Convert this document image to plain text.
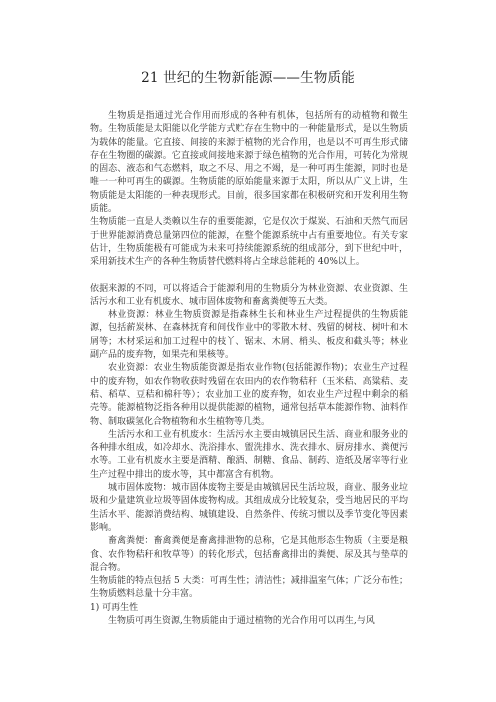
21 世纪的生物新能源——生物质能

生物质是指通过光合作用而形成的各种有机体，包括所有的动植物和微生物。生物质能是太阳能以化学能方式贮存在生物中的一种能量形式，是以生物质为载体的能量。它直接、间接的来源于植物的光合作用，也是以不可再生形式储存在生物圈的碳源。它直接或间接地来源于绿色植物的光合作用，可转化为常规的固态、液态和气态燃料，取之不尽、用之不竭，是一种可再生能源，同时也是唯一一种可再生的碳源。生物质能的原始能量来源于太阳，所以从广义上讲，生物质能是太阳能的一种表现形式。目前，很多国家都在积极研究和开发利用生物质能。

生物质能一直是人类赖以生存的重要能源，它是仅次于煤炭、石油和天然气而居于世界能源消费总量第四位的能源，在整个能源系统中占有重要地位。有关专家估计，生物质能极有可能成为未来可持续能源系统的组成部分，到下世纪中叶，采用新技术生产的各种生物质替代燃料将占全球总能耗的 40%以上。

依据来源的不同，可以将适合于能源利用的生物质分为林业资源、农业资源、生活污水和工业有机废水、城市固体废物和畜禽粪便等五大类。

林业资源：林业生物质资源是指森林生长和林业生产过程提供的生物质能源，包括薪炭林、在森林抚育和间伐作业中的零散木材、残留的树枝、树叶和木屑等；木材采运和加工过程中的枝丫、锯末、木屑、梢头、板皮和截头等；林业副产品的废弃物，如果壳和果核等。

农业资源：农业生物质能资源是指农业作物(包括能源作物)；农业生产过程中的废弃物，如农作物收获时残留在农田内的农作物秸秆（玉米秸、高粱秸、麦秸、稻草、豆秸和棉秆等）；农业加工业的废弃物，如农业生产过程中剩余的稻壳等。能源植物泛指各种用以提供能源的植物，通常包括草本能源作物、油料作物、制取碳氢化合物植物和水生植物等几类。

生活污水和工业有机废水：生活污水主要由城镇居民生活、商业和服务业的各种排水组成，如冷却水、洗浴排水、盥洗排水、洗衣排水、厨房排水、粪便污水等。工业有机废水主要是酒精、酿酒、制糖、食品、制药、造纸及屠宰等行业生产过程中排出的废水等，其中都富含有机物。

城市固体废物：城市固体废物主要是由城镇居民生活垃圾，商业、服务业垃圾和少量建筑业垃圾等固体废物构成。其组成成分比较复杂，受当地居民的平均生活水平、能源消费结构、城镇建设、自然条件、传统习惯以及季节变化等因素影响。

畜禽粪便：畜禽粪便是畜禽排泄物的总称，它是其他形态生物质（主要是粮食、农作物秸秆和牧草等）的转化形式，包括畜禽排出的粪便、尿及其与垫草的混合物。

生物质能的特点包括 5 大类：可再生性；清洁性；减排温室气体；广泛分布性；生物质燃料总量十分丰富。

1) 可再生性

生物质可再生资源,生物质能由于通过植物的光合作用可以再生,与风
